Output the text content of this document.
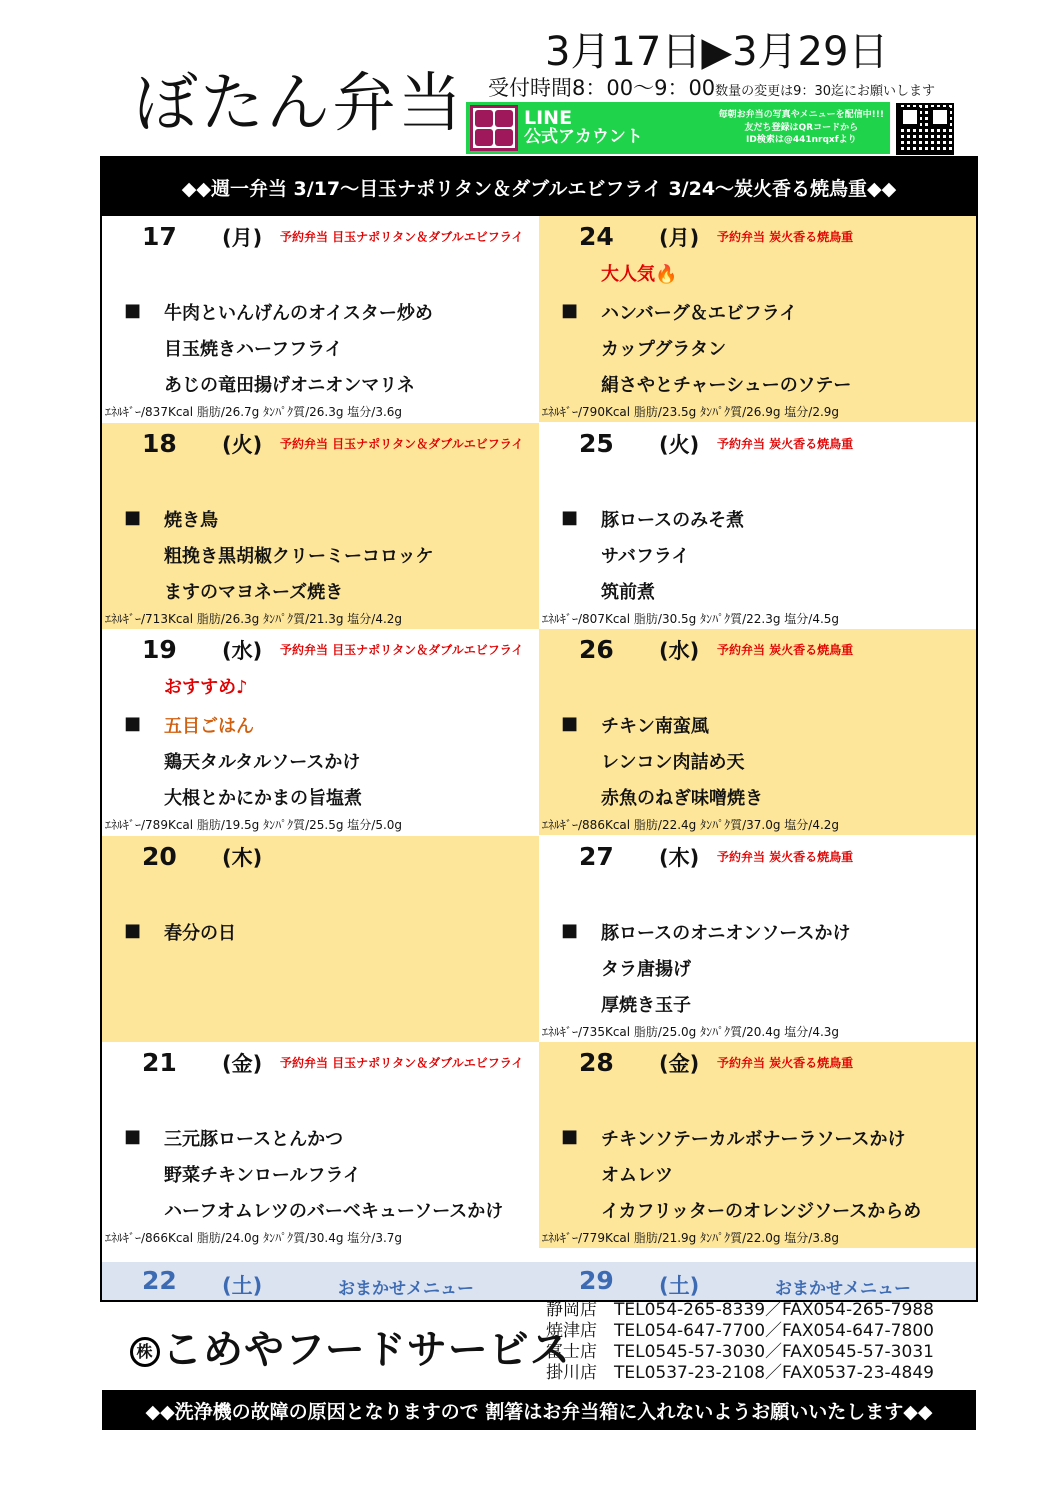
ぼたん弁当
3月17日▶3月29日
受付時間8：00〜9：00数量の変更は9：30迄にお願いします
LINE
公式アカウント
毎朝お弁当の写真やメニューを配信中!!!
友だち登録はQRコードから
ID検索は@441nrqxfより
◆◆週一弁当 3/17〜目玉ナポリタン＆ダブルエビフライ 3/24〜炭火香る焼鳥重◆◆
17 (月) 予約弁当 目玉ナポリタン＆ダブルエビフライ
■ 牛肉といんげんのオイスター炒め
目玉焼きハーフフライ
あじの竜田揚げオニオンマリネ
ｴﾈﾙｷﾞｰ/837Kcal 脂肪/26.7g ﾀﾝﾊﾟｸ質/26.3g 塩分/3.6g
24 (月) 予約弁当 炭火香る焼鳥重
大人気🔥
■ ハンバーグ＆エビフライ
カップグラタン
絹さやとチャーシューのソテー
ｴﾈﾙｷﾞｰ/790Kcal 脂肪/23.5g ﾀﾝﾊﾟｸ質/26.9g 塩分/2.9g
18 (火) 予約弁当 目玉ナポリタン＆ダブルエビフライ
■ 焼き鳥
粗挽き黒胡椒クリーミーコロッケ
ますのマヨネーズ焼き
ｴﾈﾙｷﾞｰ/713Kcal 脂肪/26.3g ﾀﾝﾊﾟｸ質/21.3g 塩分/4.2g
25 (火) 予約弁当 炭火香る焼鳥重
■ 豚ロースのみそ煮
サバフライ
筑前煮
ｴﾈﾙｷﾞｰ/807Kcal 脂肪/30.5g ﾀﾝﾊﾟｸ質/22.3g 塩分/4.5g
19 (水) 予約弁当 目玉ナポリタン＆ダブルエビフライ
おすすめ♪
■ 五目ごはん
鶏天タルタルソースかけ
大根とかにかまの旨塩煮
ｴﾈﾙｷﾞｰ/789Kcal 脂肪/19.5g ﾀﾝﾊﾟｸ質/25.5g 塩分/5.0g
26 (水) 予約弁当 炭火香る焼鳥重
■ チキン南蛮風
レンコン肉詰め天
赤魚のねぎ味噌焼き
ｴﾈﾙｷﾞｰ/886Kcal 脂肪/22.4g ﾀﾝﾊﾟｸ質/37.0g 塩分/4.2g
20 (木)
■ 春分の日
27 (木) 予約弁当 炭火香る焼鳥重
■ 豚ロースのオニオンソースかけ
タラ唐揚げ
厚焼き玉子
ｴﾈﾙｷﾞｰ/735Kcal 脂肪/25.0g ﾀﾝﾊﾟｸ質/20.4g 塩分/4.3g
21 (金) 予約弁当 目玉ナポリタン＆ダブルエビフライ
■ 三元豚ロースとんかつ
野菜チキンロールフライ
ハーフオムレツのバーベキューソースかけ
ｴﾈﾙｷﾞｰ/866Kcal 脂肪/24.0g ﾀﾝﾊﾟｸ質/30.4g 塩分/3.7g
28 (金) 予約弁当 炭火香る焼鳥重
■ チキンソテーカルボナーラソースかけ
オムレツ
イカフリッターのオレンジソースからめ
ｴﾈﾙｷﾞｰ/779Kcal 脂肪/21.9g ﾀﾝﾊﾟｸ質/22.0g 塩分/3.8g
22 (土)	おまかせメニュー	29 (土)	おまかせメニュー
株 こめやフードサービス
静岡店　TEL054-265-8339／FAX054-265-7988
焼津店　TEL054-647-7700／FAX054-647-7800
富士店　TEL0545-57-3030／FAX0545-57-3031
掛川店　TEL0537-23-2108／FAX0537-23-4849
◆◆洗浄機の故障の原因となりますので 割箸はお弁当箱に入れないようお願いいたします◆◆
